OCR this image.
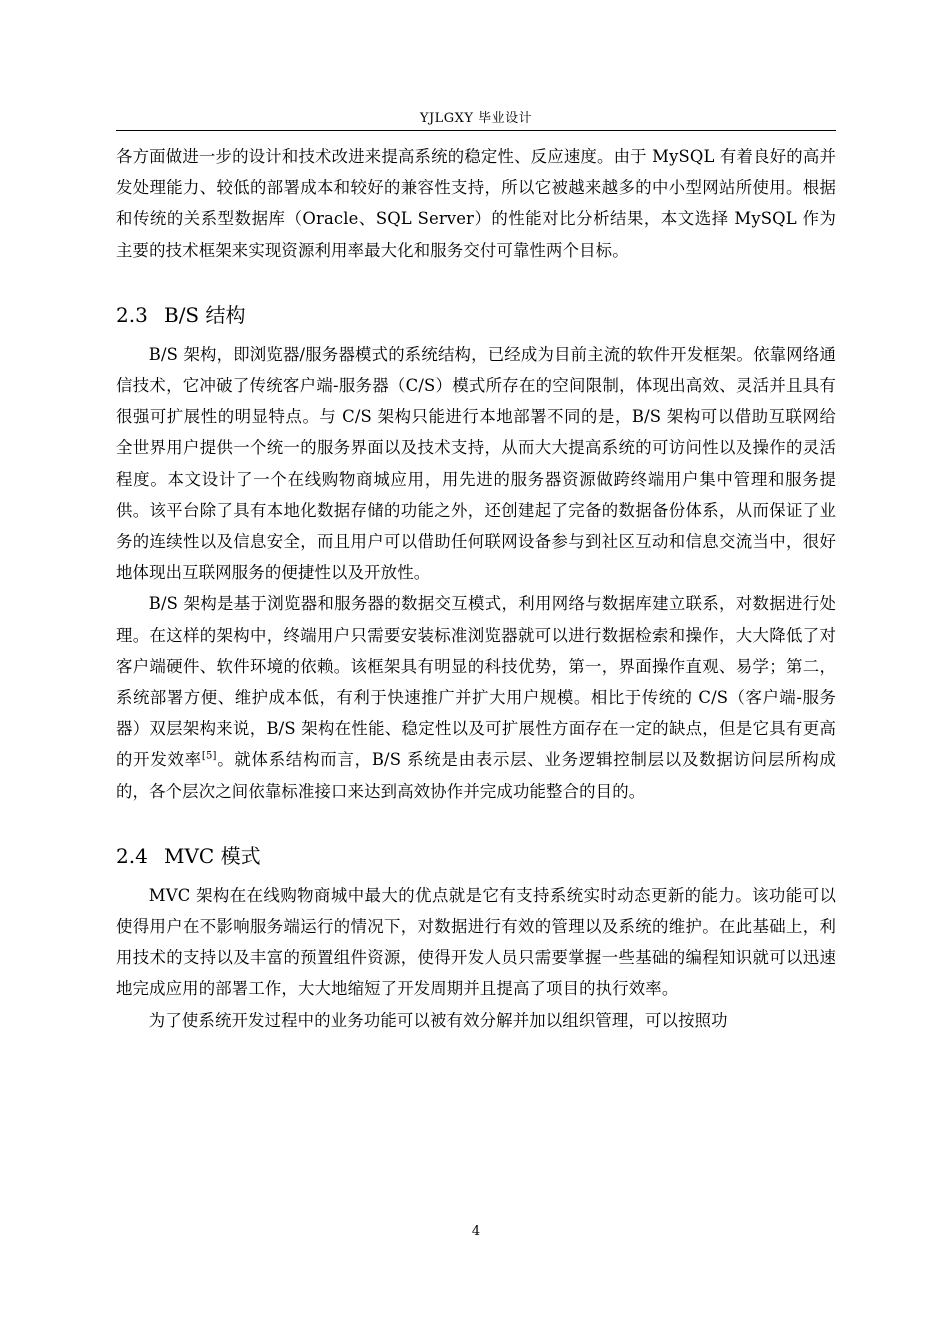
YJLGXY 毕业设计

各方面做进一步的设计和技术改进来提高系统的稳定性、反应速度。由于 MySQL 有着良好的高并发处理能力、较低的部署成本和较好的兼容性支持，所以它被越来越多的中小型网站所使用。根据和传统的关系型数据库（Oracle、SQL Server）的性能对比分析结果，本文选择 MySQL 作为主要的技术框架来实现资源利用率最大化和服务交付可靠性两个目标。

2.3 B/S 结构

B/S 架构，即浏览器/服务器模式的系统结构，已经成为目前主流的软件开发框架。依靠网络通信技术，它冲破了传统客户端-服务器（C/S）模式所存在的空间限制，体现出高效、灵活并且具有很强可扩展性的明显特点。与 C/S 架构只能进行本地部署不同的是，B/S 架构可以借助互联网给全世界用户提供一个统一的服务界面以及技术支持，从而大大提高系统的可访问性以及操作的灵活程度。本文设计了一个在线购物商城应用，用先进的服务器资源做跨终端用户集中管理和服务提供。该平台除了具有本地化数据存储的功能之外，还创建起了完备的数据备份体系，从而保证了业务的连续性以及信息安全，而且用户可以借助任何联网设备参与到社区互动和信息交流当中，很好地体现出互联网服务的便捷性以及开放性。

B/S 架构是基于浏览器和服务器的数据交互模式，利用网络与数据库建立联系，对数据进行处理。在这样的架构中，终端用户只需要安装标准浏览器就可以进行数据检索和操作，大大降低了对客户端硬件、软件环境的依赖。该框架具有明显的科技优势，第一，界面操作直观、易学；第二，系统部署方便、维护成本低，有利于快速推广并扩大用户规模。相比于传统的 C/S（客户端-服务器）双层架构来说，B/S 架构在性能、稳定性以及可扩展性方面存在一定的缺点，但是它具有更高的开发效率[5]。就体系结构而言，B/S 系统是由表示层、业务逻辑控制层以及数据访问层所构成的，各个层次之间依靠标准接口来达到高效协作并完成功能整合的目的。

2.4 MVC 模式

MVC 架构在在线购物商城中最大的优点就是它有支持系统实时动态更新的能力。该功能可以使得用户在不影响服务端运行的情况下，对数据进行有效的管理以及系统的维护。在此基础上，利用技术的支持以及丰富的预置组件资源，使得开发人员只需要掌握一些基础的编程知识就可以迅速地完成应用的部署工作，大大地缩短了开发周期并且提高了项目的执行效率。

为了使系统开发过程中的业务功能可以被有效分解并加以组织管理，可以按照功

4
